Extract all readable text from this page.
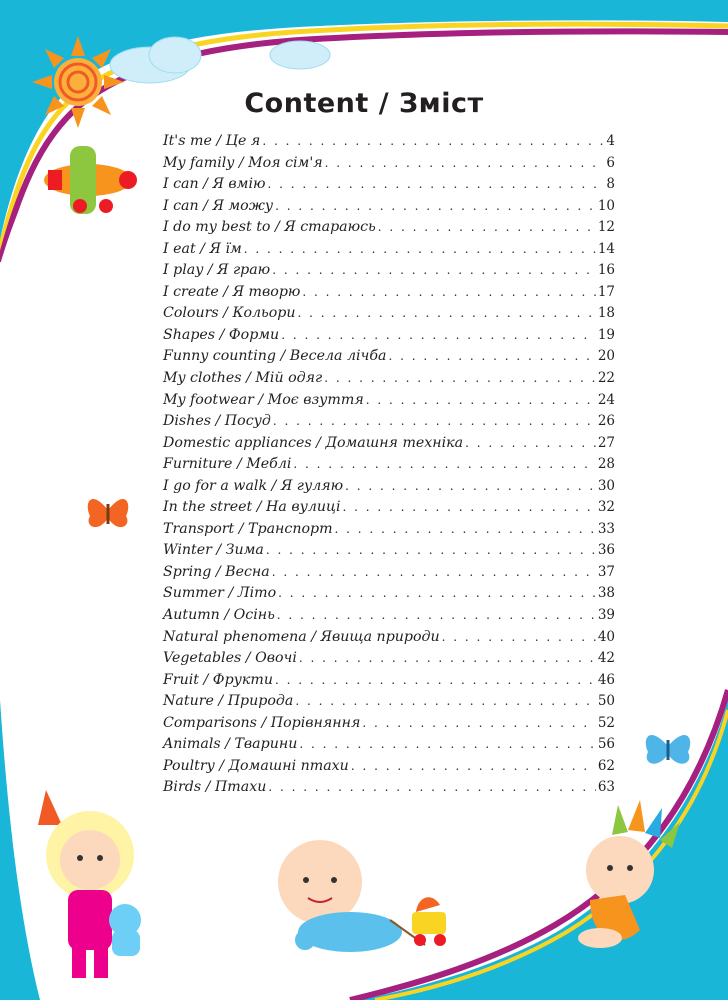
Content / Зміст
It's me / Це я . . .	4
My family / Моя сім'я . . .	6
I can / Я вмію . . .	8
I can / Я можу . . .	10
I do my best to / Я стараюсь . . .	12
I eat / Я їм . . .	14
I play / Я граю . . .	16
I create / Я творю . . .	17
Colours / Кольори . . .	18
Shapes / Форми . . .	19
Funny counting / Весела лічба . . .	20
My clothes / Мій одяг . . .	22
My footwear / Моє взуття . . .	24
Dishes / Посуд . . .	26
Domestic appliances / Домашня техніка . . .	27
Furniture / Меблі . . .	28
I go for a walk / Я гуляю . . .	30
In the street / На вулиці . . .	32
Transport / Транспорт . . .	33
Winter / Зима . . .	36
Spring / Весна . . .	37
Summer / Літо . . .	38
Autumn / Осінь . . .	39
Natural phenomena / Явища природи . . .	40
Vegetables / Овочі . . .	42
Fruit / Фрукти . . .	46
Nature / Природа . . .	50
Comparisons / Порівняння . . .	52
Animals / Тварини . . .	56
Poultry / Домашні птахи . . .	62
Birds / Птахи . . .	63
